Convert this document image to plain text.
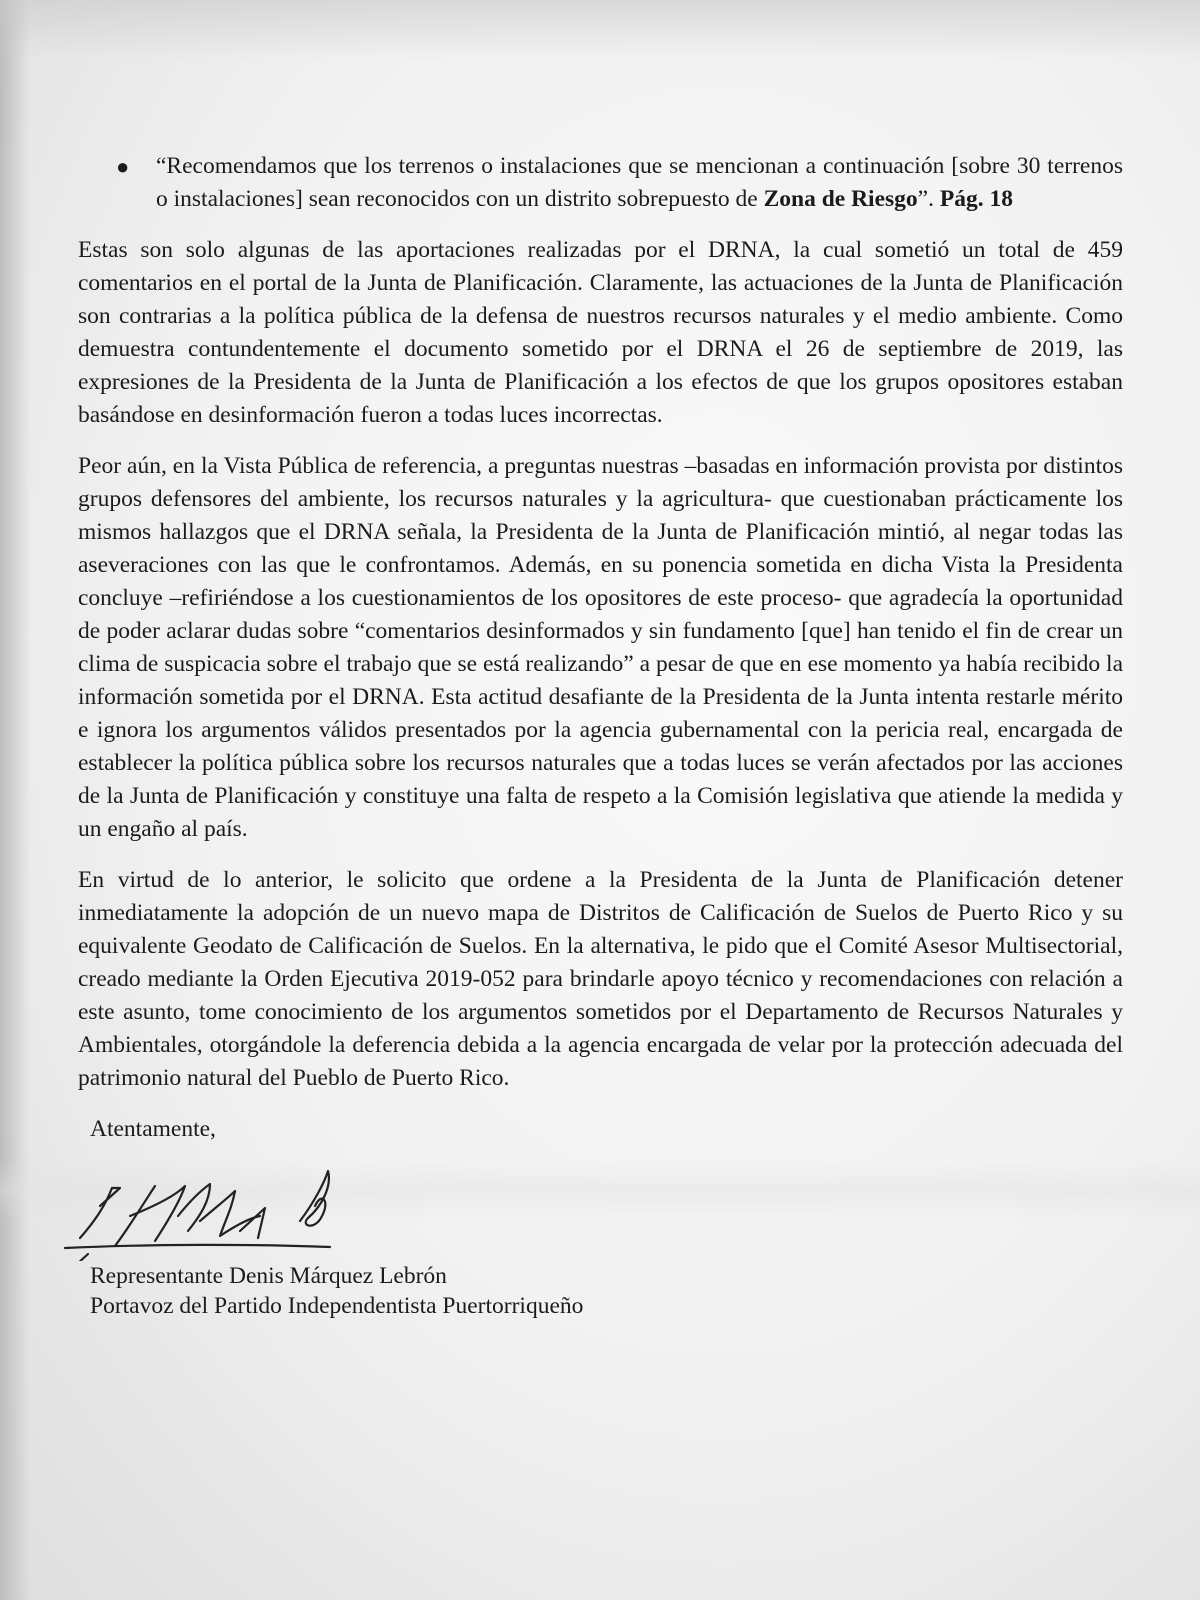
●	“Recomendamos que los terrenos o instalaciones que se mencionan a continuación [sobre 30 terrenos o instalaciones] sean reconocidos con un distrito sobrepuesto de Zona de Riesgo”. Pág. 18

Estas son solo algunas de las aportaciones realizadas por el DRNA, la cual sometió un total de 459 comentarios en el portal de la Junta de Planificación. Claramente, las actuaciones de la Junta de Planificación son contrarias a la política pública de la defensa de nuestros recursos naturales y el medio ambiente. Como demuestra contundentemente el documento sometido por el DRNA el 26 de septiembre de 2019, las expresiones de la Presidenta de la Junta de Planificación a los efectos de que los grupos opositores estaban basándose en desinformación fueron a todas luces incorrectas.

Peor aún, en la Vista Pública de referencia, a preguntas nuestras –basadas en información provista por distintos grupos defensores del ambiente, los recursos naturales y la agricultura- que cuestionaban prácticamente los mismos hallazgos que el DRNA señala, la Presidenta de la Junta de Planificación mintió, al negar todas las aseveraciones con las que le confrontamos. Además, en su ponencia sometida en dicha Vista la Presidenta concluye –refiriéndose a los cuestionamientos de los opositores de este proceso- que agradecía la oportunidad de poder aclarar dudas sobre “comentarios desinformados y sin fundamento [que] han tenido el fin de crear un clima de suspicacia sobre el trabajo que se está realizando” a pesar de que en ese momento ya había recibido la información sometida por el DRNA. Esta actitud desafiante de la Presidenta de la Junta intenta restarle mérito e ignora los argumentos válidos presentados por la agencia gubernamental con la pericia real, encargada de establecer la política pública sobre los recursos naturales que a todas luces se verán afectados por las acciones de la Junta de Planificación y constituye una falta de respeto a la Comisión legislativa que atiende la medida y un engaño al país.

En virtud de lo anterior, le solicito que ordene a la Presidenta de la Junta de Planificación detener inmediatamente la adopción de un nuevo mapa de Distritos de Calificación de Suelos de Puerto Rico y su equivalente Geodato de Calificación de Suelos. En la alternativa, le pido que el Comité Asesor Multisectorial, creado mediante la Orden Ejecutiva 2019-052 para brindarle apoyo técnico y recomendaciones con relación a este asunto, tome conocimiento de los argumentos sometidos por el Departamento de Recursos Naturales y Ambientales, otorgándole la deferencia debida a la agencia encargada de velar por la protección adecuada del patrimonio natural del Pueblo de Puerto Rico.

Atentamente,
Representante Denis Márquez Lebrón
Portavoz del Partido Independentista Puertorriqueño
